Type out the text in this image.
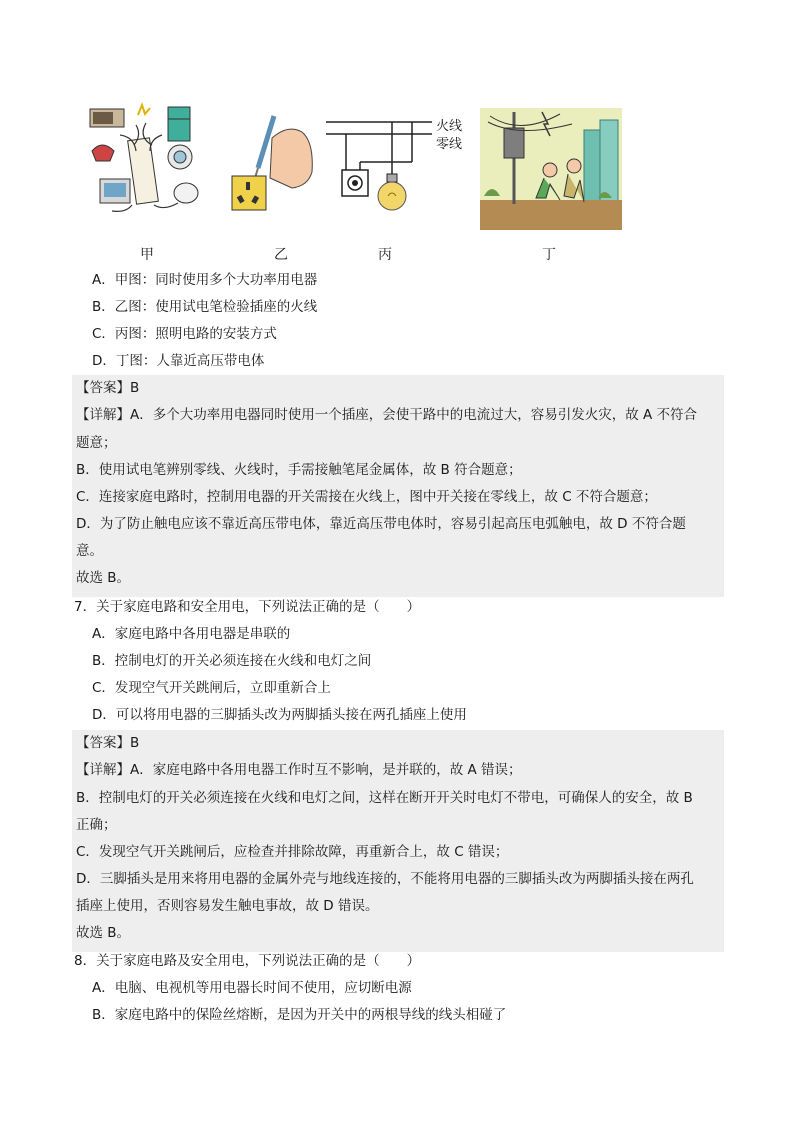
甲	乙
火线
零线
丙	丁
A．甲图：同时使用多个大功率用电器
B．乙图：使用试电笔检验插座的火线
C．丙图：照明电路的安装方式
D．丁图：人靠近高压带电体
【答案】B
【详解】A．多个大功率用电器同时使用一个插座，会使干路中的电流过大，容易引发火灾，故 A 不符合
题意；
B．使用试电笔辨别零线、火线时，手需接触笔尾金属体，故 B 符合题意；
C．连接家庭电路时，控制用电器的开关需接在火线上，图中开关接在零线上，故 C 不符合题意；
D．为了防止触电应该不靠近高压带电体，靠近高压带电体时，容易引起高压电弧触电，故 D 不符合题
意。
故选 B。
7．关于家庭电路和安全用电，下列说法正确的是（　　）
A．家庭电路中各用电器是串联的
B．控制电灯的开关必须连接在火线和电灯之间
C．发现空气开关跳闸后，立即重新合上
D．可以将用电器的三脚插头改为两脚插头接在两孔插座上使用
【答案】B
【详解】A．家庭电路中各用电器工作时互不影响，是并联的，故 A 错误；
B．控制电灯的开关必须连接在火线和电灯之间，这样在断开开关时电灯不带电，可确保人的安全，故 B
正确；
C．发现空气开关跳闸后，应检查并排除故障，再重新合上，故 C 错误；
D．三脚插头是用来将用电器的金属外壳与地线连接的，不能将用电器的三脚插头改为两脚插头接在两孔
插座上使用，否则容易发生触电事故，故 D 错误。
故选 B。
8．关于家庭电路及安全用电，下列说法正确的是（　　）
A．电脑、电视机等用电器长时间不使用，应切断电源
B．家庭电路中的保险丝熔断，是因为开关中的两根导线的线头相碰了
